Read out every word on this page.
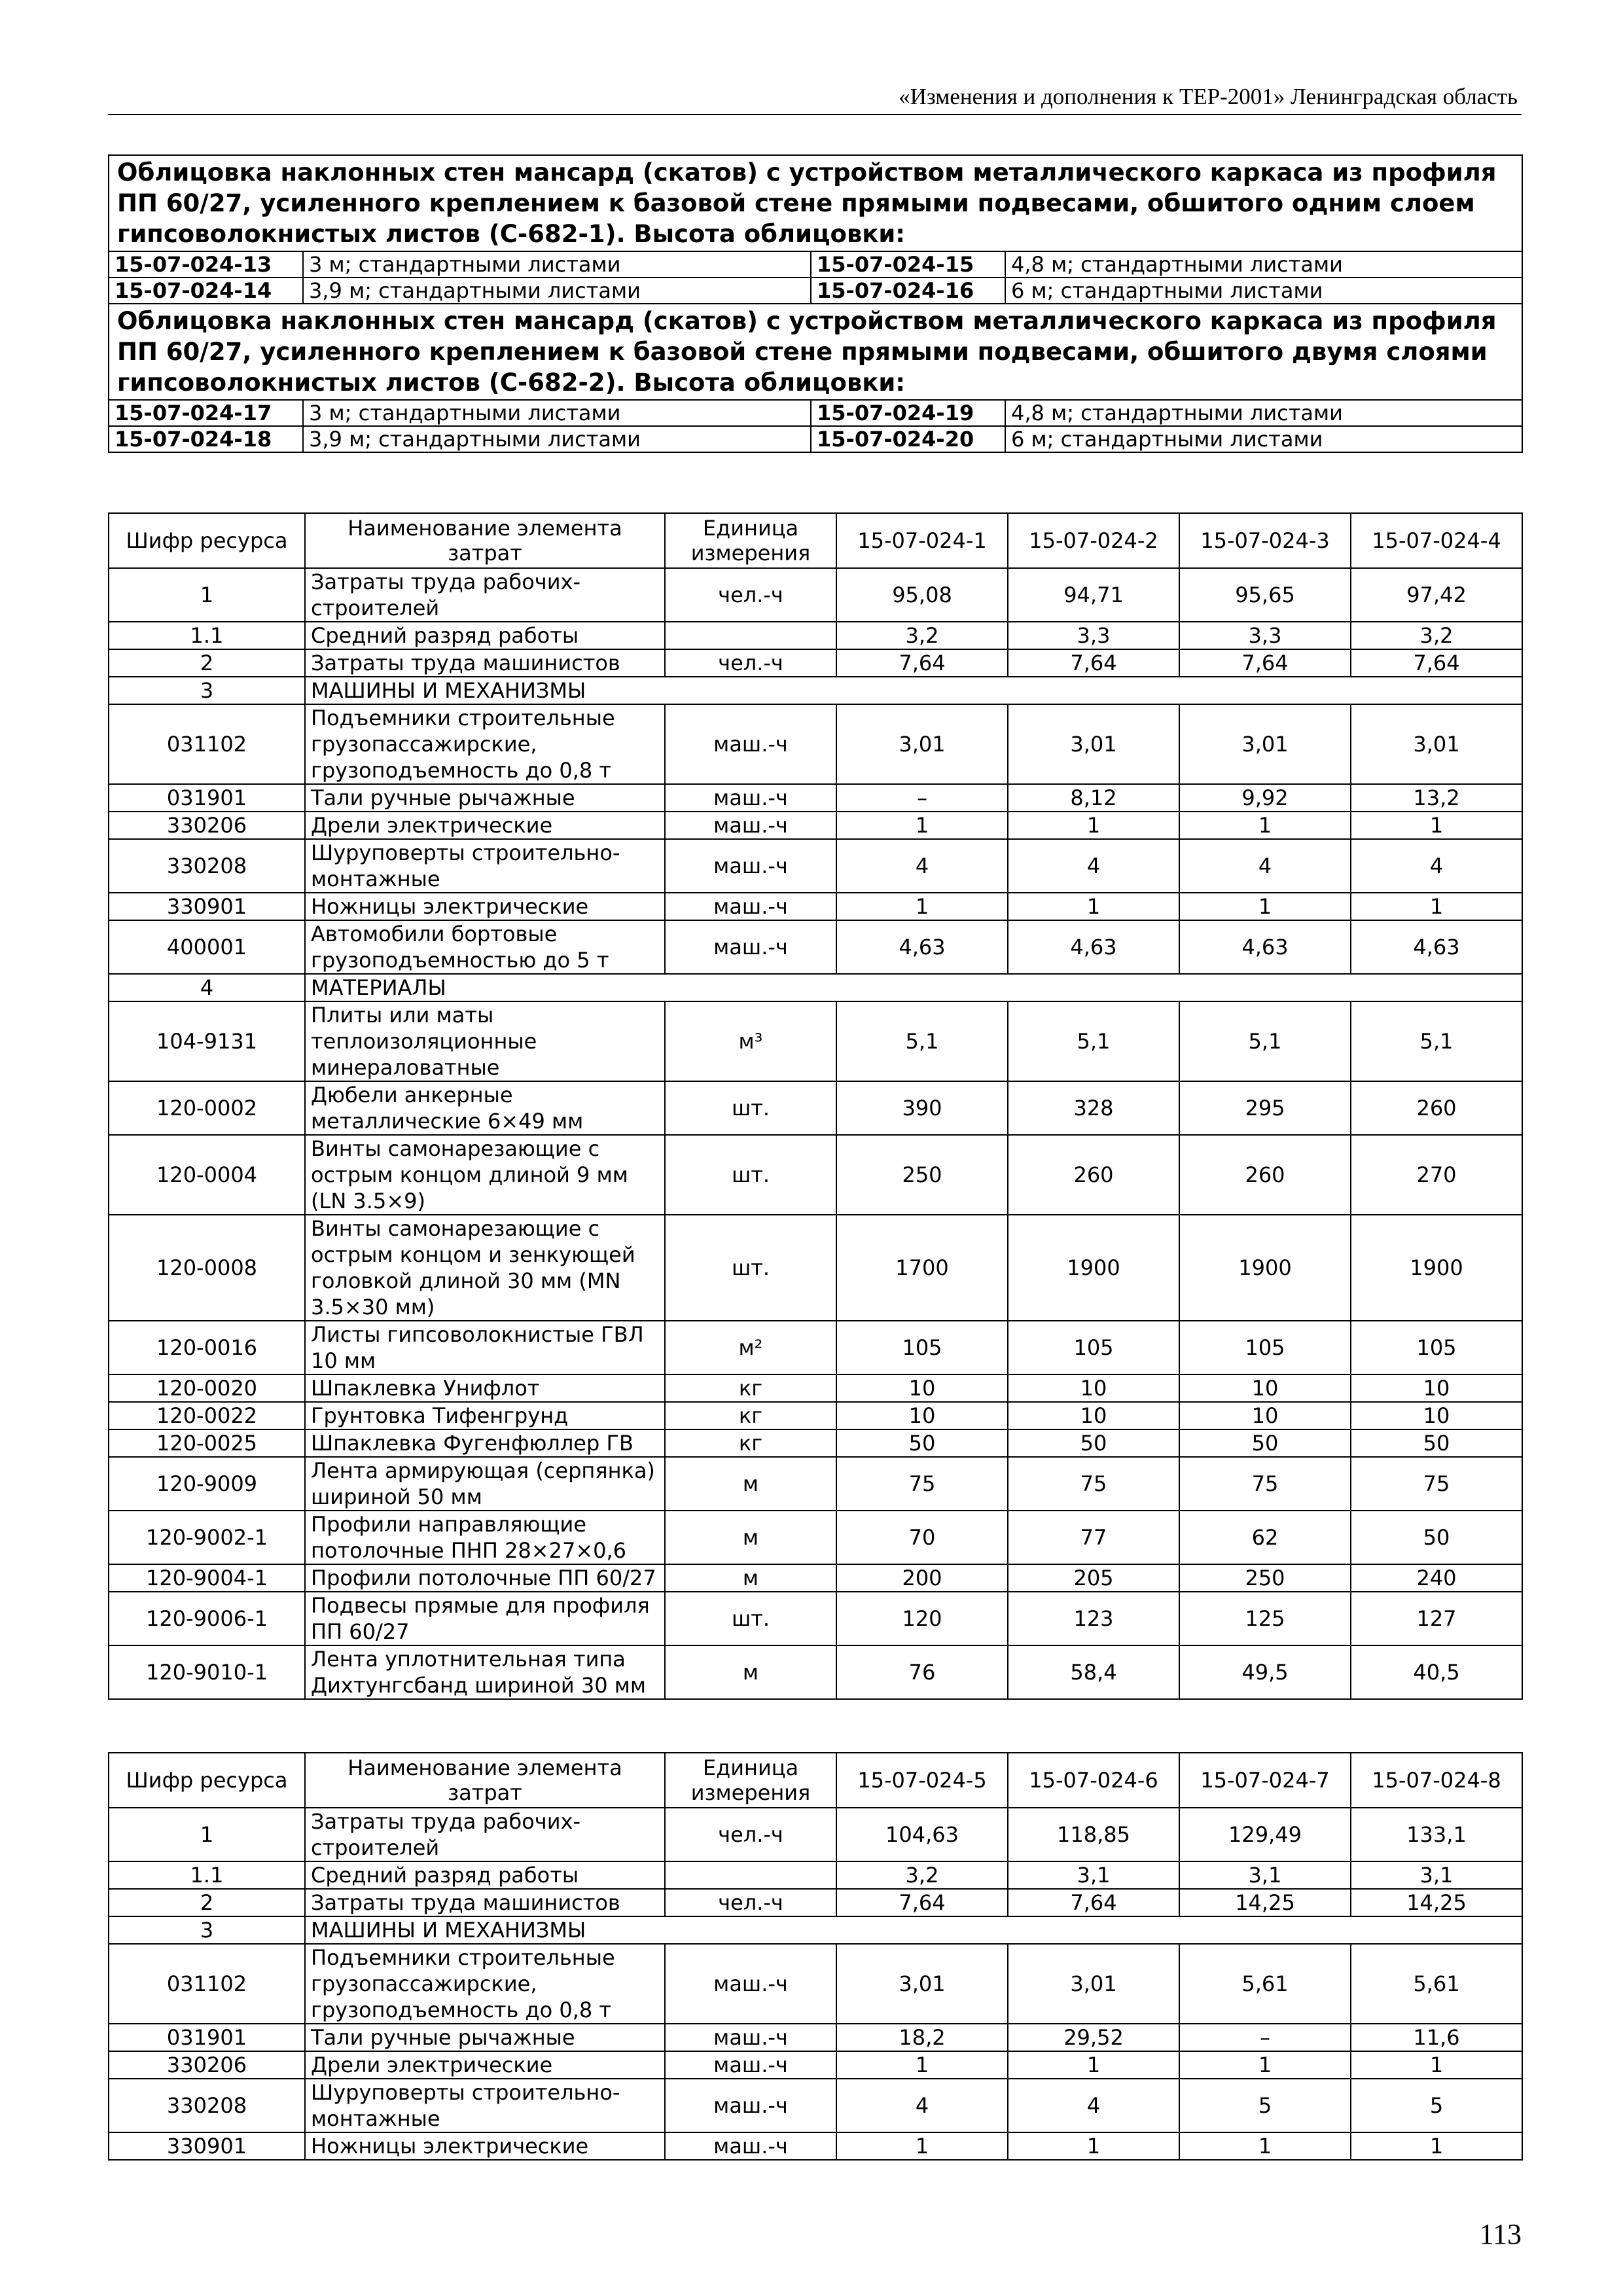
«Изменения и дополнения к ТЕР-2001» Ленинградская область
Облицовка наклонных стен мансард (скатов) с устройством металлического каркаса из профиля ПП 60/27, усиленного креплением к базовой стене прямыми подвесами, обшитого одним слоем гипсоволокнистых листов (С-682-1). Высота облицовки:			
15-07-024-13	3 м; стандартными листами	15-07-024-15	4,8 м; стандартными листами
15-07-024-14	3,9 м; стандартными листами	15-07-024-16	6 м; стандартными листами
Облицовка наклонных стен мансард (скатов) с устройством металлического каркаса из профиля ПП 60/27, усиленного креплением к базовой стене прямыми подвесами, обшитого двумя слоями гипсоволокнистых листов (С-682-2). Высота облицовки:			
15-07-024-17	3 м; стандартными листами	15-07-024-19	4,8 м; стандартными листами
15-07-024-18	3,9 м; стандартными листами	15-07-024-20	6 м; стандартными листами
Шифр ресурса	Наименование элемента затрат	Единица измерения	15-07-024-1	15-07-024-2	15-07-024-3	15-07-024-4
1	Затраты труда рабочих-строителей	чел.-ч	95,08	94,71	95,65	97,42
1.1	Средний разряд работы		3,2	3,3	3,3	3,2
2	Затраты труда машинистов	чел.-ч	7,64	7,64	7,64	7,64
3	МАШИНЫ И МЕХАНИЗМЫ					
031102	Подъемники строительные грузопассажирские, грузоподъемность до 0,8 т	маш.-ч	3,01	3,01	3,01	3,01
031901	Тали ручные рычажные	маш.-ч	–	8,12	9,92	13,2
330206	Дрели электрические	маш.-ч	1	1	1	1
330208	Шуруповерты строительно-монтажные	маш.-ч	4	4	4	4
330901	Ножницы электрические	маш.-ч	1	1	1	1
400001	Автомобили бортовые грузоподъемностью до 5 т	маш.-ч	4,63	4,63	4,63	4,63
4	МАТЕРИАЛЫ					
104-9131	Плиты или маты теплоизоляционные минераловатные	м³	5,1	5,1	5,1	5,1
120-0002	Дюбели анкерные металлические 6×49 мм	шт.	390	328	295	260
120-0004	Винты самонарезающие с острым концом длиной 9 мм (LN 3.5×9)	шт.	250	260	260	270
120-0008	Винты самонарезающие с острым концом и зенкующей головкой длиной 30 мм (MN 3.5×30 мм)	шт.	1700	1900	1900	1900
120-0016	Листы гипсоволокнистые ГВЛ 10 мм	м²	105	105	105	105
120-0020	Шпаклевка Унифлот	кг	10	10	10	10
120-0022	Грунтовка Тифенгрунд	кг	10	10	10	10
120-0025	Шпаклевка Фугенфюллер ГВ	кг	50	50	50	50
120-9009	Лента армирующая (серпянка) шириной 50 мм	м	75	75	75	75
120-9002-1	Профили направляющие потолочные ПНП 28×27×0,6	м	70	77	62	50
120-9004-1	Профили потолочные ПП 60/27	м	200	205	250	240
120-9006-1	Подвесы прямые для профиля ПП 60/27	шт.	120	123	125	127
120-9010-1	Лента уплотнительная типа Дихтунгсбанд шириной 30 мм	м	76	58,4	49,5	40,5
Шифр ресурса	Наименование элемента затрат	Единица измерения	15-07-024-5	15-07-024-6	15-07-024-7	15-07-024-8
1	Затраты труда рабочих-строителей	чел.-ч	104,63	118,85	129,49	133,1
1.1	Средний разряд работы		3,2	3,1	3,1	3,1
2	Затраты труда машинистов	чел.-ч	7,64	7,64	14,25	14,25
3	МАШИНЫ И МЕХАНИЗМЫ					
031102	Подъемники строительные грузопассажирские, грузоподъемность до 0,8 т	маш.-ч	3,01	3,01	5,61	5,61
031901	Тали ручные рычажные	маш.-ч	18,2	29,52	–	11,6
330206	Дрели электрические	маш.-ч	1	1	1	1
330208	Шуруповерты строительно-монтажные	маш.-ч	4	4	5	5
330901	Ножницы электрические	маш.-ч	1	1	1	1
113
